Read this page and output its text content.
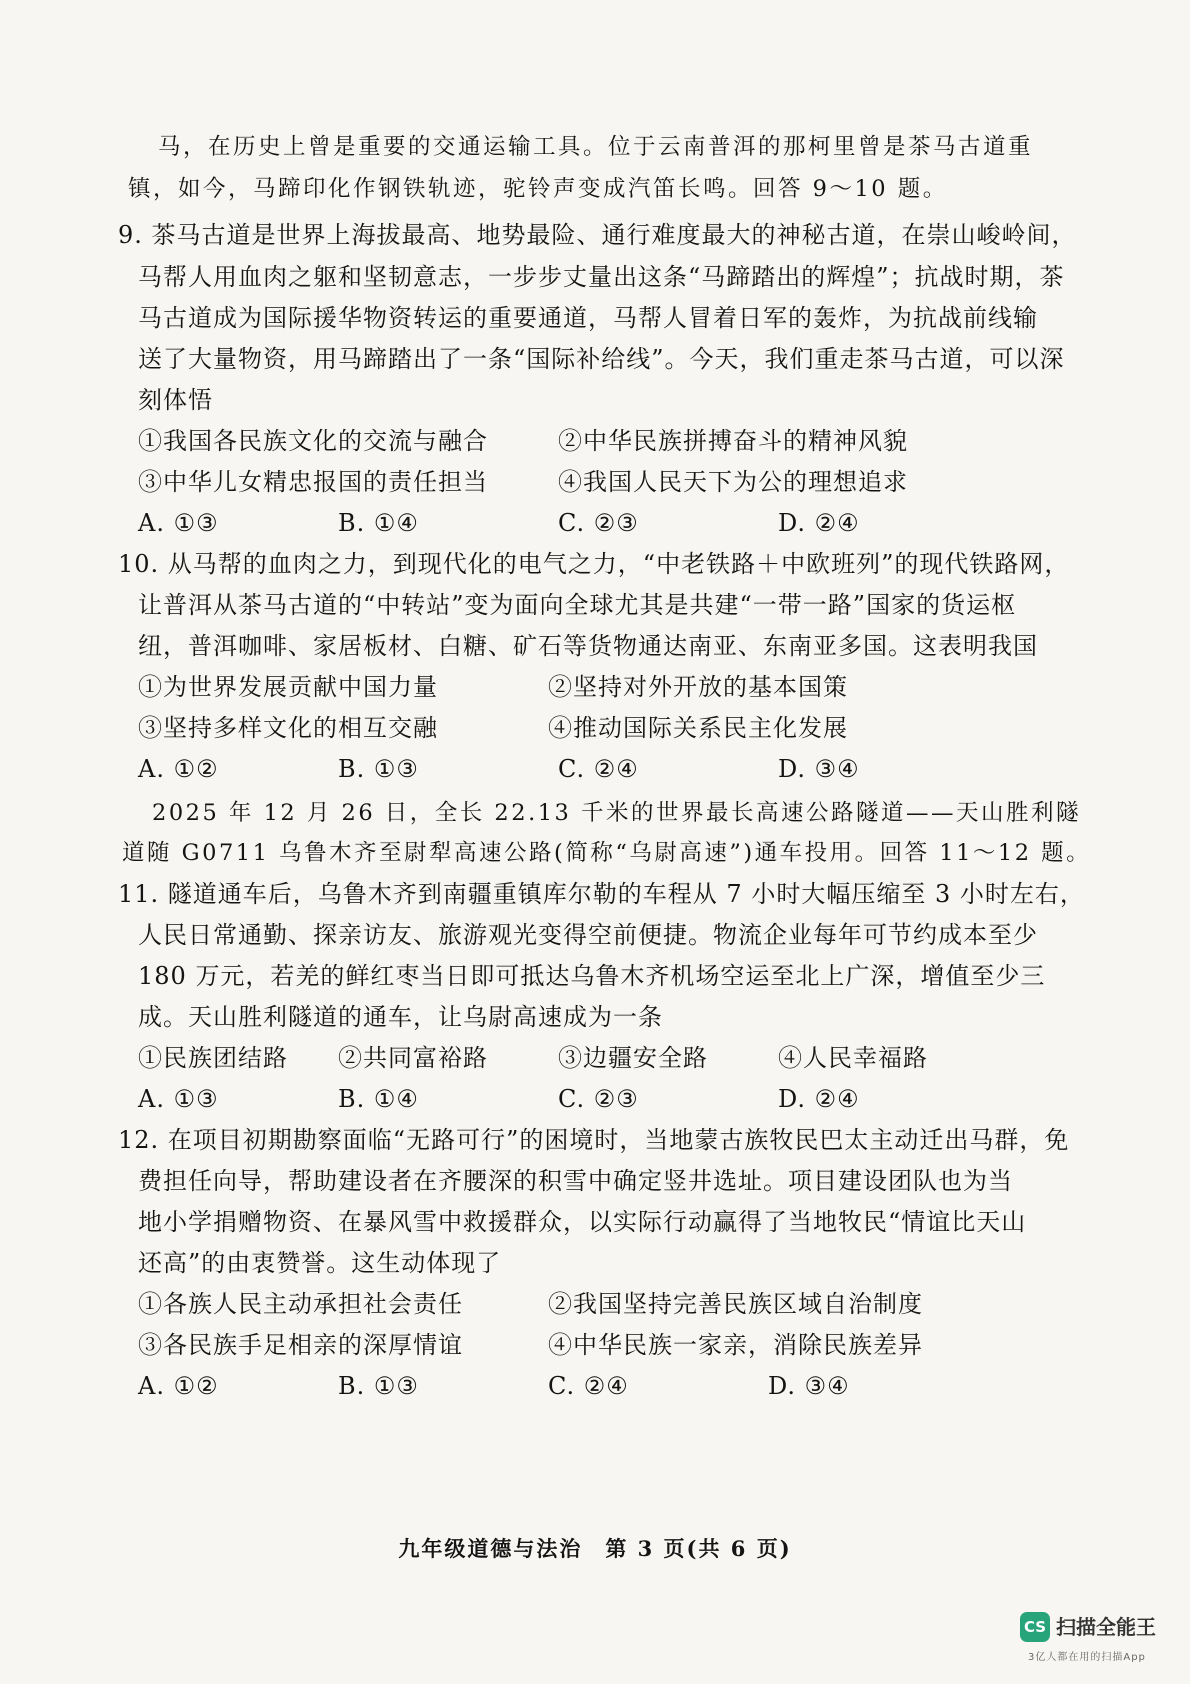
马，在历史上曾是重要的交通运输工具。位于云南普洱的那柯里曾是茶马古道重
镇，如今，马蹄印化作钢铁轨迹，驼铃声变成汽笛长鸣。回答 9～10 题。
9. 茶马古道是世界上海拔最高、地势最险、通行难度最大的神秘古道，在崇山峻岭间，
马帮人用血肉之躯和坚韧意志，一步步丈量出这条“马蹄踏出的辉煌”；抗战时期，茶
马古道成为国际援华物资转运的重要通道，马帮人冒着日军的轰炸，为抗战前线输
送了大量物资，用马蹄踏出了一条“国际补给线”。今天，我们重走茶马古道，可以深
刻体悟
①我国各民族文化的交流与融合	②中华民族拼搏奋斗的精神风貌
③中华儿女精忠报国的责任担当	④我国人民天下为公的理想追求
A. ①③	B. ①④	C. ②③	D. ②④
10. 从马帮的血肉之力，到现代化的电气之力，“中老铁路＋中欧班列”的现代铁路网，
让普洱从茶马古道的“中转站”变为面向全球尤其是共建“一带一路”国家的货运枢
纽，普洱咖啡、家居板材、白糖、矿石等货物通达南亚、东南亚多国。这表明我国
①为世界发展贡献中国力量	②坚持对外开放的基本国策
③坚持多样文化的相互交融	④推动国际关系民主化发展
A. ①②	B. ①③	C. ②④	D. ③④
2025 年 12 月 26 日，全长 22.13 千米的世界最长高速公路隧道——天山胜利隧
道随 G0711 乌鲁木齐至尉犁高速公路(简称“乌尉高速”)通车投用。回答 11～12 题。
11. 隧道通车后，乌鲁木齐到南疆重镇库尔勒的车程从 7 小时大幅压缩至 3 小时左右，
人民日常通勤、探亲访友、旅游观光变得空前便捷。物流企业每年可节约成本至少
180 万元，若羌的鲜红枣当日即可抵达乌鲁木齐机场空运至北上广深，增值至少三
成。天山胜利隧道的通车，让乌尉高速成为一条
①民族团结路 ②共同富裕路	③边疆安全路	④人民幸福路
A. ①③	B. ①④	C. ②③	D. ②④
12. 在项目初期勘察面临“无路可行”的困境时，当地蒙古族牧民巴太主动迁出马群，免
费担任向导，帮助建设者在齐腰深的积雪中确定竖井选址。项目建设团队也为当
地小学捐赠物资、在暴风雪中救援群众，以实际行动赢得了当地牧民“情谊比天山
还高”的由衷赞誉。这生动体现了
①各族人民主动承担社会责任	②我国坚持完善民族区域自治制度
③各民族手足相亲的深厚情谊	④中华民族一家亲，消除民族差异
A. ①②	B. ①③	C. ②④	D. ③④
九年级道德与法治　第 3 页(共 6 页)
CS 扫描全能王
3亿人都在用的扫描App
